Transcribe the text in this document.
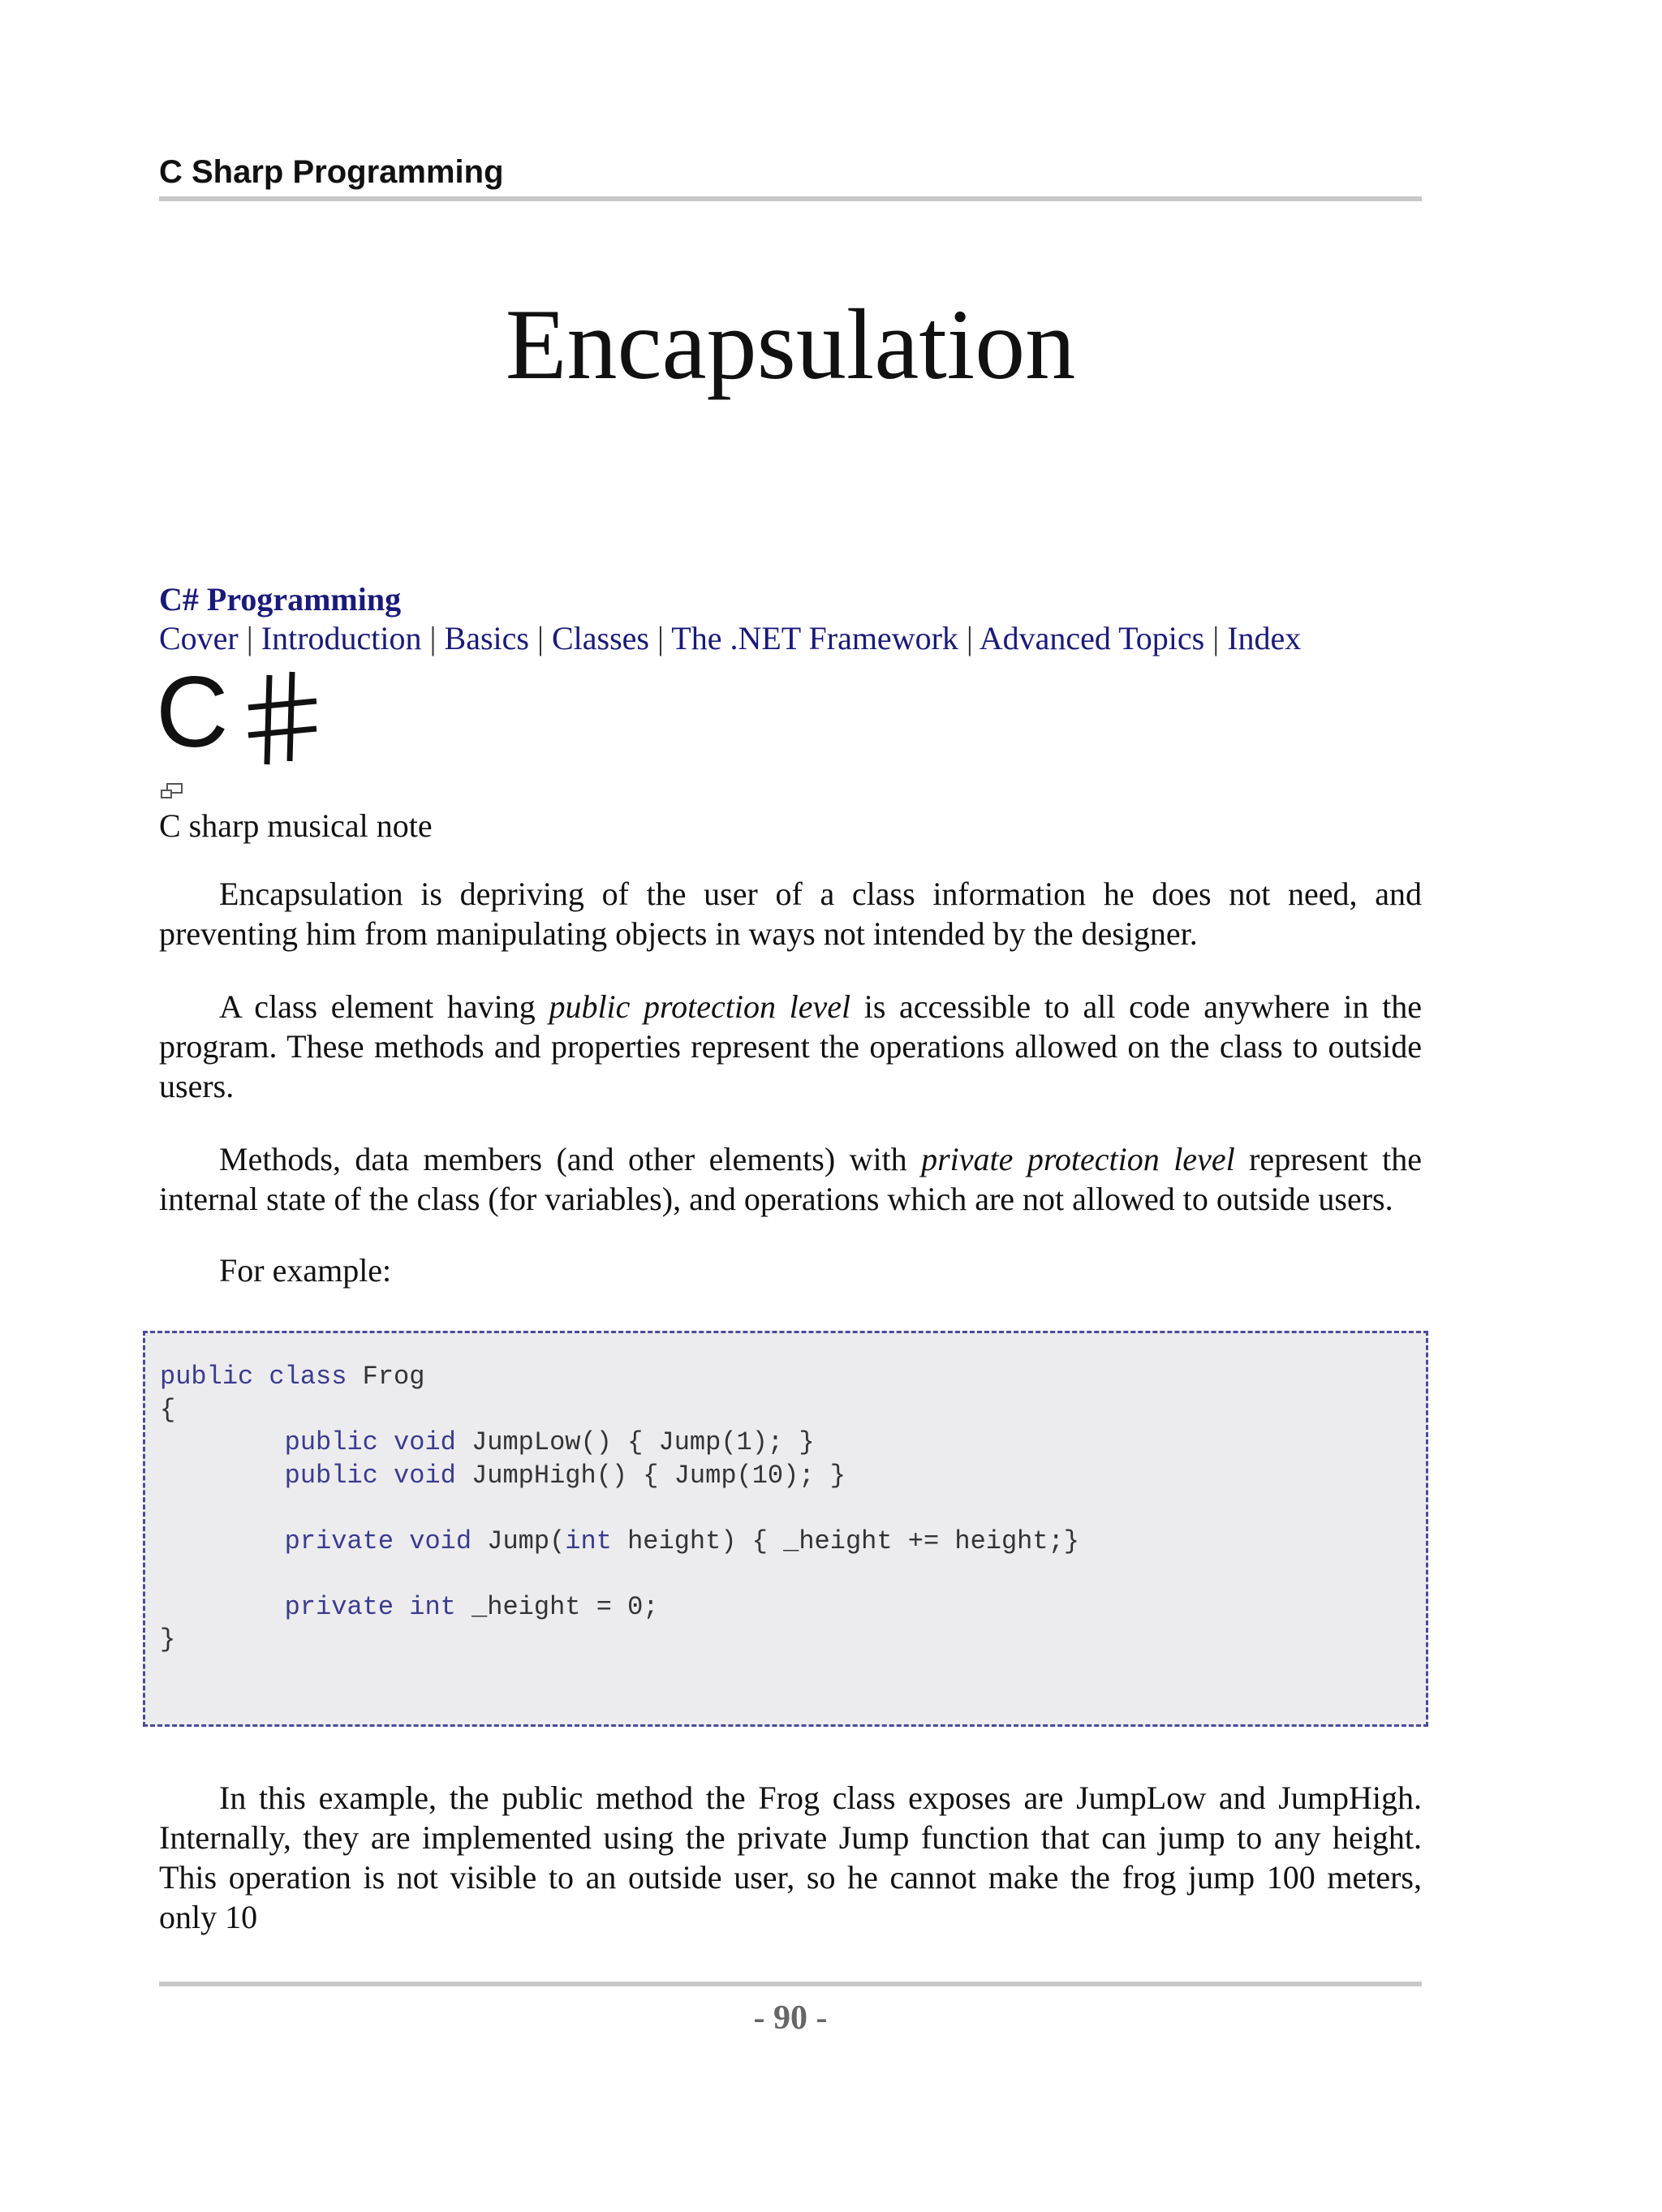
C Sharp Programming
Encapsulation
C# Programming
Cover | Introduction | Basics | Classes | The .NET Framework | Advanced Topics | Index
C
C sharp musical note

Encapsulation is depriving of the user of a class information he does not need, and preventing him from manipulating objects in ways not intended by the designer.

A class element having public protection level is accessible to all code anywhere in the program. These methods and properties represent the operations allowed on the class to outside users.

Methods, data members (and other elements) with private protection level represent the internal state of the class (for variables), and operations which are not allowed to outside users.

For example:

public class Frog
{
public void JumpLow() { Jump(1); }
public void JumpHigh() { Jump(10); }

private void Jump(int height) { _height += height;}

private int _height = 0;
}

In this example, the public method the Frog class exposes are JumpLow and JumpHigh. Internally, they are implemented using the private Jump function that can jump to any height. This operation is not visible to an outside user, so he cannot make the frog jump 100 meters, only 10

- 90 -
